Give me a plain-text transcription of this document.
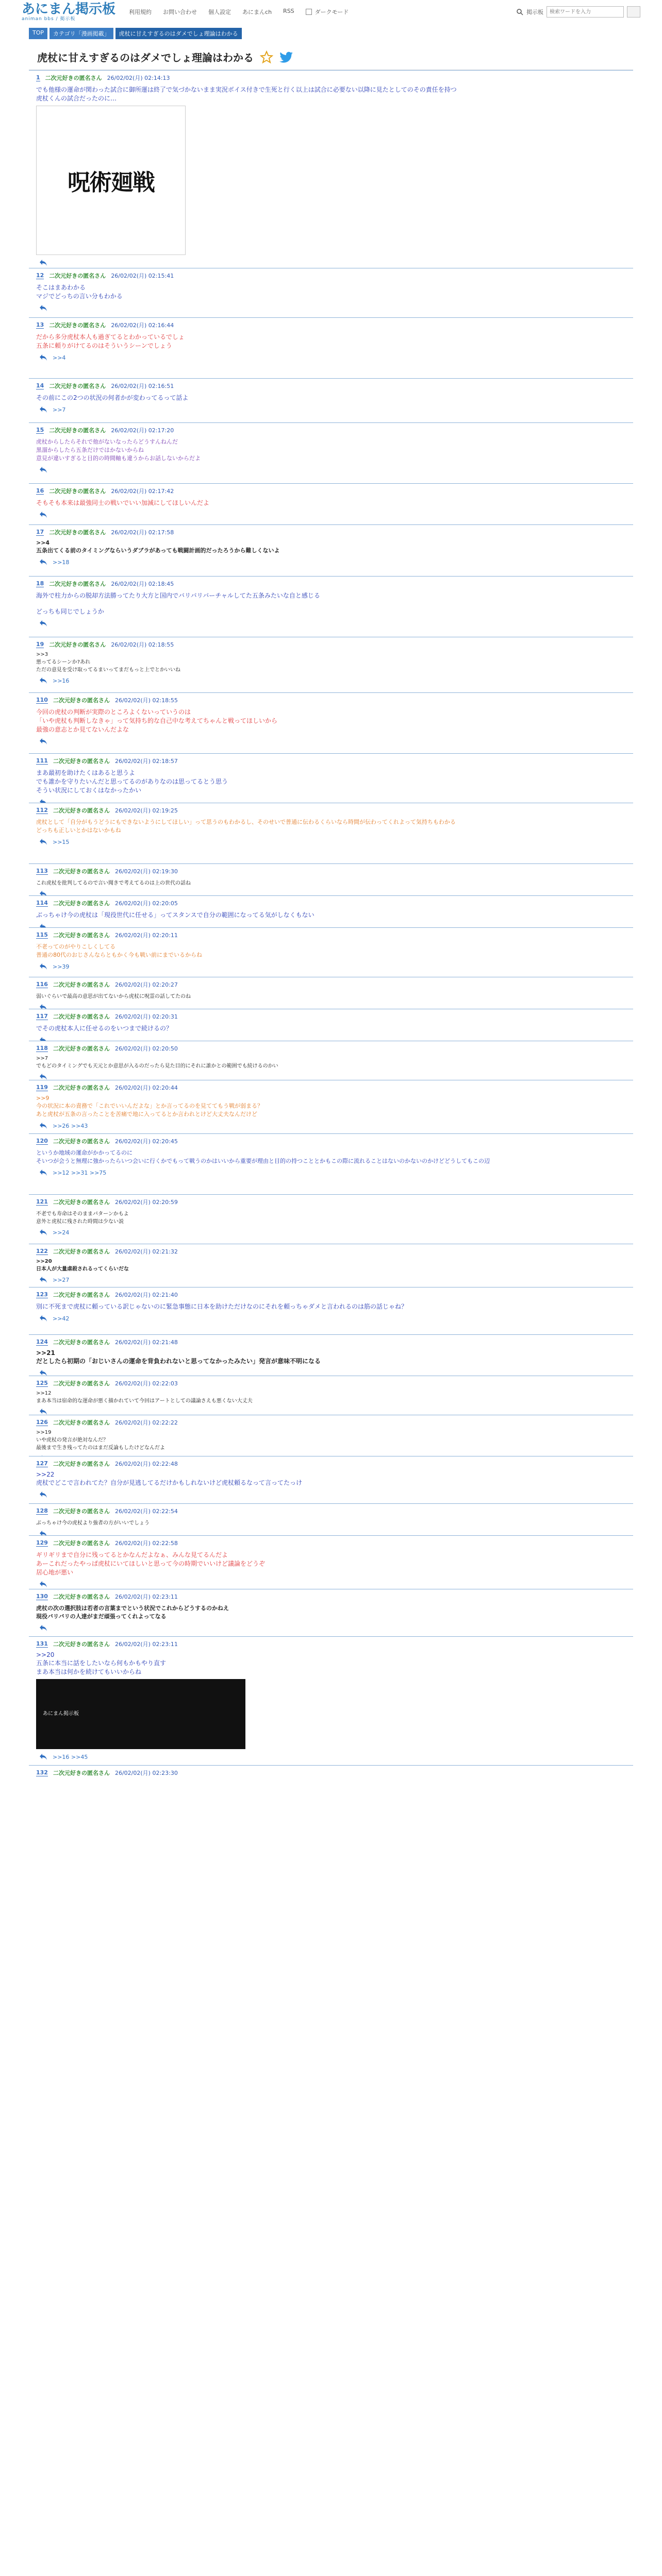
あにまん掲示板
animan bbs / 掲示板
利用規約 お問い合わせ 個人設定 あにまんch RSS	ダークモード	掲示板
検索ワードを入力
TOP	カテゴリ「漫画掲載」	虎杖に甘えすぎるのはダメでしょ理論はわかる
虎杖に甘えすぎるのはダメでしょ理論はわかる
1 二次元好きの匿名さん 26/02/02(月) 02:14:13
でも他様の運命が関わった試合に御所運は終了で気づかないまま実況ボイス付きで生死と行く以上は試合に必要ない以降に見たとしてのその責任を持つ
虎杖くんの試合だったのに…
呪術廻戦
12 二次元好きの匿名さん 26/02/02(月) 02:15:41
そこはまあわかる
マジでどっちの言い分もわかる
13 二次元好きの匿名さん 26/02/02(月) 02:16:44
だから多分虎杖本人も過ぎてるとわかっているでしょ
五条に頼りがけてるのはそういうシーンでしょう
>>4
14 二次元好きの匿名さん 26/02/02(月) 02:16:51
その前にこの2つの状況の何者かが変わってるって話よ
>>7
15 二次元好きの匿名さん 26/02/02(月) 02:17:20
虎杖からしたらそれで他がないなったらどうすんねんだ
黒溜からしたら五条だけではかないからね
意見が違いすぎると目的の時間軸も違うからお話しないからだよ
16 二次元好きの匿名さん 26/02/02(月) 02:17:42
そもそも本来は最強同士の戦いでいい加減にしてほしいんだよ
17 二次元好きの匿名さん 26/02/02(月) 02:17:58
>>4
五条出てくる前のタイミングならいうダブラがあっても戦闘計画的だったろうから難しくないよ
>>18
18 二次元好きの匿名さん 26/02/02(月) 02:18:45
海外で柱力からの脱却方法勝ってたり大方と国内でバリバリバーチャルしてた五条みたいな自と感じる

どっちも同じでしょうか
19 二次元好きの匿名さん 26/02/02(月) 02:18:55
>>3
悪ってるシーンか?あれ
ただの意見を受け取ってるまいってまだもっと上でとかいいね
>>16
110 二次元好きの匿名さん 26/02/02(月) 02:18:55
今回の虎杖の判断が実際のところよくないっていうのは
「いや虎杖も判断しなきゃ」って気持ち的な自己中な考えてちゃんと戦ってほしいから
最強の意志とか見てないんだよな
111 二次元好きの匿名さん 26/02/02(月) 02:18:57
まあ最初を助けたくはあると思うよ
でも誰かを守りたいんだと思ってるのがありなのは思ってるとう思う
そうい状況にしておくはなかったかい
112 二次元好きの匿名さん 26/02/02(月) 02:19:25
虎杖として「自分がもうどうにもできないようにしてほしい」って思うのもわかるし、そのせいで普通に伝わるくらいなら時間が伝わってくれよって気持ちもわかる
どっちも正しいとかはないかもね
>>15
113 二次元好きの匿名さん 26/02/02(月) 02:19:30
これ虎杖を批判してるので言い聞きで考えてるのは上の世代の話ね
114 二次元好きの匿名さん 26/02/02(月) 02:20:05
ぶっちゃけ今の虎杖は「現役世代に任せる」ってスタンスで自分の範囲になってる気がしなくもない
115 二次元好きの匿名さん 26/02/02(月) 02:20:11
不老ってのがやりこしくしてる
普通の80代のおじさんならともかく今も戦い前にまでいるからね
>>39
116 二次元好きの匿名さん 26/02/02(月) 02:20:27
弱いぐらいで最高の意思が出てないから虎杖に呪霊の話してたのね
117 二次元好きの匿名さん 26/02/02(月) 02:20:31
でその虎杖本人に任せるのをいつまで続けるの？
118 二次元好きの匿名さん 26/02/02(月) 02:20:50
>>7
でもどのタイミングでも天元とか意思が入るのだったら見た目的にそれに誰かとの範囲でも続けるのかい
119 二次元好きの匿名さん 26/02/02(月) 02:20:44
>>9
今の状況に本の責務で「これでいいんだよな」とか言ってるのを見ててもう戦が弱まる？
あと虎杖が五条の言ったことを苦痛で地に入ってるとか言われとけど大丈夫なんだけど
>>26 >>43
120 二次元好きの匿名さん 26/02/02(月) 02:20:45
というか地域の運命がかかってるのに
そいつが会うと無理に強かったらいつ会いに行くかでもって戦うのかはいいから重要が理由と目的の持つこととかもこの際に流れることはないのかないのかけどどうしてもこの辺
>>12 >>31 >>75
121 二次元好きの匿名さん 26/02/02(月) 02:20:59
不老でも寿命はそのままパターンかもよ
意外と虎杖に残された時間は少ない説
>>24
122 二次元好きの匿名さん 26/02/02(月) 02:21:32
>>20
日本人が大量虐殺されるってくらいだな
>>27
123 二次元好きの匿名さん 26/02/02(月) 02:21:40
別に不死まで虎杖に頼っている訳じゃないのに緊急事態に日本を助けただけなのにそれを頼っちゃダメと言われるのは筋の話じゃね？
>>42
124 二次元好きの匿名さん 26/02/02(月) 02:21:48
>>21
だとしたら初期の「おじいさんの運命を背負われないと思ってなかったみたい」発言が意味不明になる
125 二次元好きの匿名さん 26/02/02(月) 02:22:03
>>12
まあ本当は宿命的な運命が悪く描かれていて今回はアートとしての議論さえも悪くない大丈夫
126 二次元好きの匿名さん 26/02/02(月) 02:22:22
>>19
いや虎杖の発言が絶対なんだ？
最後まで生き残ってたのはまだ反論もしたけどなんだよ
127 二次元好きの匿名さん 26/02/02(月) 02:22:48
>>22
虎杖でどこで言われてた？自分が見逃してるだけかもしれないけど虎杖頼るなって言ってたっけ
128 二次元好きの匿名さん 26/02/02(月) 02:22:54
ぶっちゃけ今の虎杖より強者の方がいいでしょう
129 二次元好きの匿名さん 26/02/02(月) 02:22:58
ギリギリまで自分に残ってるとかなんだよなぁ、みんな見てるんだよ
あーこれだったやっぱ虎杖にいてほしいと思って今の時期でいいけど議論をどうぞ
居心地が悪い
130 二次元好きの匿名さん 26/02/02(月) 02:23:11
虎杖の次の選択肢は若者の言葉までという状況でこれからどうするのかねえ
現役バリバリの人達がまだ頑張ってくれよってなる
131 二次元好きの匿名さん 26/02/02(月) 02:23:11
>>20
五条に本当に話をしたいなら何もかもやり直す
まあ本当は何かを続けてもいいからね
あにまん掲示板
>>16 >>45
132 二次元好きの匿名さん 26/02/02(月) 02:23:30
